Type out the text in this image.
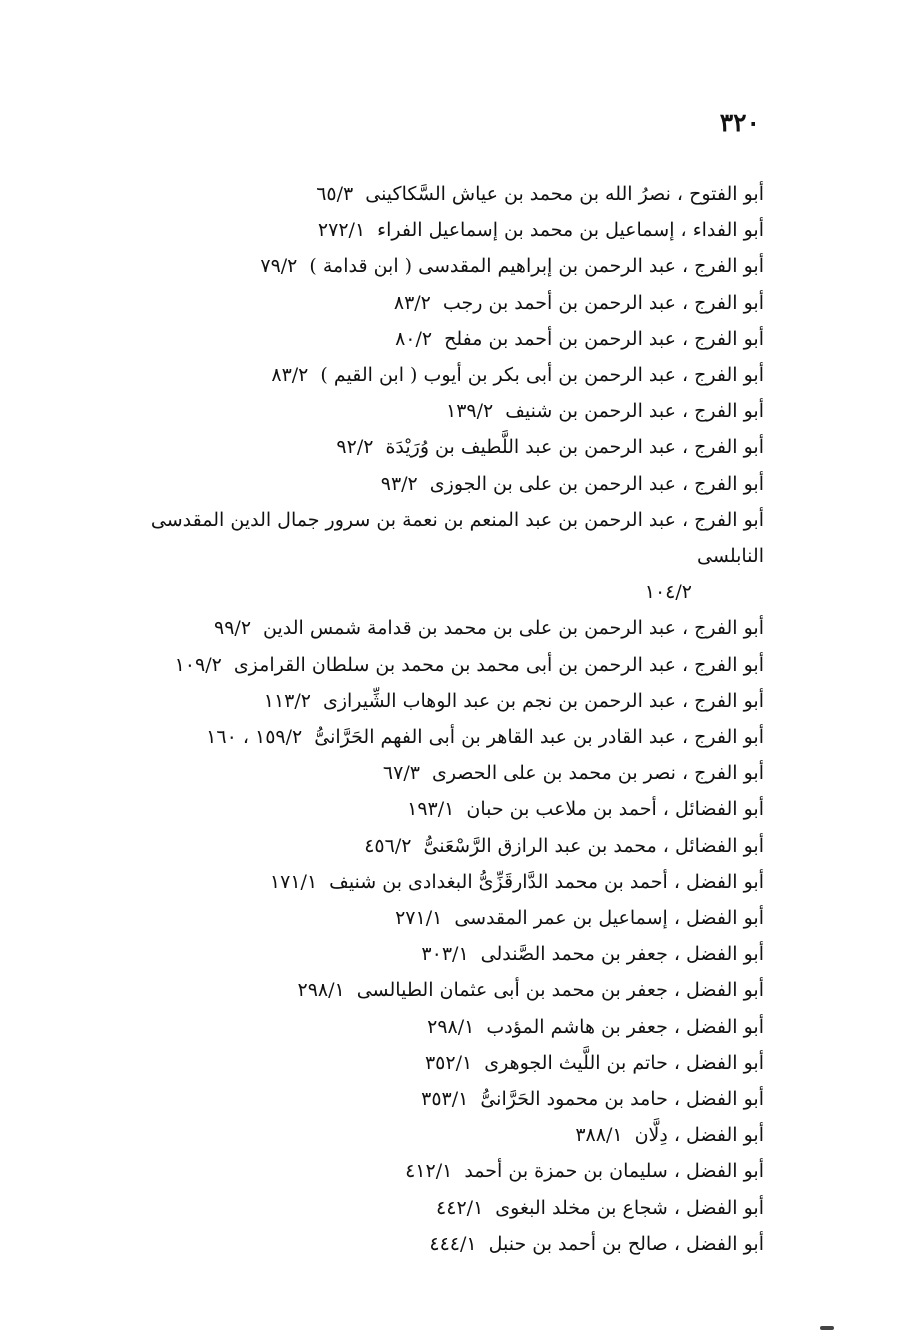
٣٢٠
أبو الفتوح ، نصرُ الله بن محمد بن عياش السَّكاكينى٦٥/٣
أبو الفداء ، إسماعيل بن محمد بن إسماعيل الفراء٢٧٢/١
أبو الفرج ، عبد الرحمن بن إبراهيم المقدسى ( ابن قدامة )٧٩/٢
أبو الفرج ، عبد الرحمن بن أحمد بن رجب٨٣/٢
أبو الفرج ، عبد الرحمن بن أحمد بن مفلح٨٠/٢
أبو الفرج ، عبد الرحمن بن أبى بكر بن أيوب ( ابن القيم )٨٣/٢
أبو الفرج ، عبد الرحمن بن شنيف١٣٩/٢
أبو الفرج ، عبد الرحمن بن عبد اللَّطيف بن وُرَيْدَة٩٢/٢
أبو الفرج ، عبد الرحمن بن على بن الجوزى٩٣/٢
أبو الفرج ، عبد الرحمن بن عبد المنعم بن نعمة بن سرور جمال الدين المقدسى النابلسى
١٠٤/٢
أبو الفرج ، عبد الرحمن بن على بن محمد بن قدامة شمس الدين٩٩/٢
أبو الفرج ، عبد الرحمن بن أبى محمد بن محمد بن سلطان القرامزى١٠٩/٢
أبو الفرج ، عبد الرحمن بن نجم بن عبد الوهاب الشِّيرازى١١٣/٢
أبو الفرج ، عبد القادر بن عبد القاهر بن أبى الفهم الحَرَّانىُّ١٥٩/٢ ، ١٦٠
أبو الفرج ، نصر بن محمد بن على الحصرى٦٧/٣
أبو الفضائل ، أحمد بن ملاعب بن حبان١٩٣/١
أبو الفضائل ، محمد بن عبد الرازق الرَّسْعَنىُّ٤٥٦/٢
أبو الفضل ، أحمد بن محمد الدَّارقَزِّىُّ البغدادى بن شنيف١٧١/١
أبو الفضل ، إسماعيل بن عمر المقدسى٢٧١/١
أبو الفضل ، جعفر بن محمد الصَّندلى٣٠٣/١
أبو الفضل ، جعفر بن محمد بن أبى عثمان الطيالسى٢٩٨/١
أبو الفضل ، جعفر بن هاشم المؤدب٢٩٨/١
أبو الفضل ، حاتم بن اللَّيث الجوهرى٣٥٢/١
أبو الفضل ، حامد بن محمود الحَرَّانىُّ٣٥٣/١
أبو الفضل ، دِلَّان٣٨٨/١
أبو الفضل ، سليمان بن حمزة بن أحمد٤١٢/١
أبو الفضل ، شجاع بن مخلد البغوى٤٤٢/١
أبو الفضل ، صالح بن أحمد بن حنبل٤٤٤/١
